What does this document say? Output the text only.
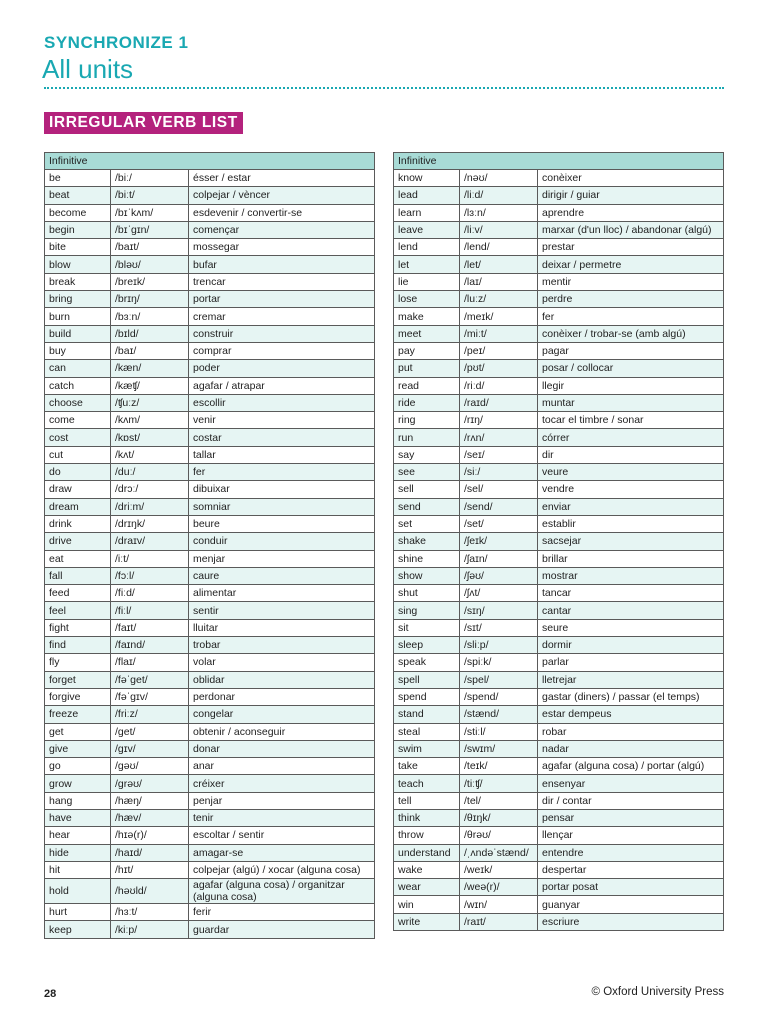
SYNCHRONIZE 1
All units
IRREGULAR VERB LIST
Infinitive		
be	/biː/	ésser / estar
beat	/biːt/	colpejar / vèncer
become	/bɪˈkʌm/	esdevenir / convertir-se
begin	/bɪˈɡɪn/	començar
bite	/baɪt/	mossegar
blow	/bləʊ/	bufar
break	/breɪk/	trencar
bring	/brɪŋ/	portar
burn	/bɜːn/	cremar
build	/bɪld/	construir
buy	/baɪ/	comprar
can	/kæn/	poder
catch	/kæʧ/	agafar / atrapar
choose	/ʧuːz/	escollir
come	/kʌm/	venir
cost	/kɒst/	costar
cut	/kʌt/	tallar
do	/duː/	fer
draw	/drɔː/	dibuixar
dream	/driːm/	somniar
drink	/drɪŋk/	beure
drive	/draɪv/	conduir
eat	/iːt/	menjar
fall	/fɔːl/	caure
feed	/fiːd/	alimentar
feel	/fiːl/	sentir
fight	/faɪt/	lluitar
find	/faɪnd/	trobar
fly	/flaɪ/	volar
forget	/fəˈɡet/	oblidar
forgive	/fəˈɡɪv/	perdonar
freeze	/friːz/	congelar
get	/ɡet/	obtenir / aconseguir
give	/ɡɪv/	donar
go	/ɡəʊ/	anar
grow	/ɡrəʊ/	créixer
hang	/hæŋ/	penjar
have	/hæv/	tenir
hear	/hɪə(r)/	escoltar / sentir
hide	/haɪd/	amagar-se
hit	/hɪt/	colpejar (algú) / xocar (alguna cosa)
hold	/həʊld/	agafar (alguna cosa) / organitzar (alguna cosa)
hurt	/hɜːt/	ferir
keep	/kiːp/	guardar
Infinitive		
know	/nəʊ/	conèixer
lead	/liːd/	dirigir / guiar
learn	/lɜːn/	aprendre
leave	/liːv/	marxar (d'un lloc) / abandonar (algú)
lend	/lend/	prestar
let	/let/	deixar / permetre
lie	/laɪ/	mentir
lose	/luːz/	perdre
make	/meɪk/	fer
meet	/miːt/	conèixer / trobar-se (amb algú)
pay	/peɪ/	pagar
put	/pʊt/	posar / collocar
read	/riːd/	llegir
ride	/raɪd/	muntar
ring	/rɪŋ/	tocar el timbre / sonar
run	/rʌn/	córrer
say	/seɪ/	dir
see	/siː/	veure
sell	/sel/	vendre
send	/send/	enviar
set	/set/	establir
shake	/ʃeɪk/	sacsejar
shine	/ʃaɪn/	brillar
show	/ʃəʊ/	mostrar
shut	/ʃʌt/	tancar
sing	/sɪŋ/	cantar
sit	/sɪt/	seure
sleep	/sliːp/	dormir
speak	/spiːk/	parlar
spell	/spel/	lletrejar
spend	/spend/	gastar (diners) / passar (el temps)
stand	/stænd/	estar dempeus
steal	/stiːl/	robar
swim	/swɪm/	nadar
take	/teɪk/	agafar (alguna cosa) / portar (algú)
teach	/tiːʧ/	ensenyar
tell	/tel/	dir / contar
think	/θɪŋk/	pensar
throw	/θrəʊ/	llençar
understand	/ˌʌndəˈstænd/	entendre
wake	/weɪk/	despertar
wear	/weə(r)/	portar posat
win	/wɪn/	guanyar
write	/raɪt/	escriure
28	© Oxford University Press
